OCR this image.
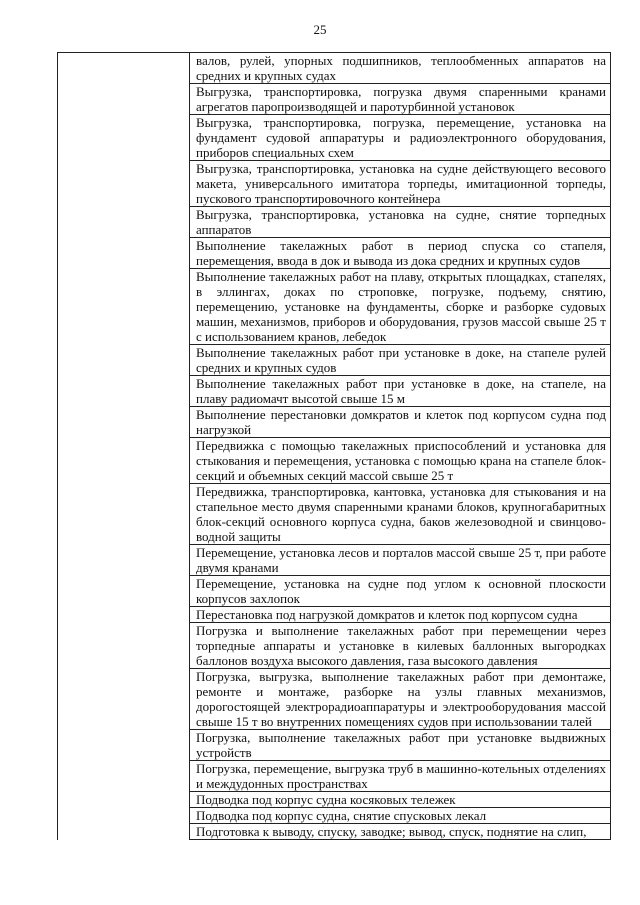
25
	валов, рулей, упорных подшипников, теплообменных аппаратов на средних и крупных судах
Выгрузка, транспортировка, погрузка двумя спаренными кранами агрегатов паропроизводящей и паротурбинной установок
Выгрузка, транспортировка, погрузка, перемещение, установка на фундамент судовой аппаратуры и радиоэлектронного оборудования, приборов специальных схем
Выгрузка, транспортировка, установка на судне действующего весового макета, универсального имитатора торпеды, имитационной торпеды, пускового транспортировочного контейнера
Выгрузка, транспортировка, установка на судне, снятие торпедных аппаратов
Выполнение такелажных работ в период спуска со стапеля, перемещения, ввода в док и вывода из дока средних и крупных судов
Выполнение такелажных работ на плаву, открытых площадках, стапелях, в эллингах, доках по строповке, погрузке, подъему, снятию, перемещению, установке на фундаменты, сборке и разборке судовых машин, механизмов, приборов и оборудования, грузов массой свыше 25 т с использованием кранов, лебедок
Выполнение такелажных работ при установке в доке, на стапеле рулей средних и крупных судов
Выполнение такелажных работ при установке в доке, на стапеле, на плаву радиомачт высотой свыше 15 м
Выполнение перестановки домкратов и клеток под корпусом судна под нагрузкой
Передвижка с помощью такелажных приспособлений и установка для стыкования и перемещения, установка с помощью крана на стапеле блок-секций и объемных секций массой свыше 25 т
Передвижка, транспортировка, кантовка, установка для стыкования и на стапельное место двумя спаренными кранами блоков, крупногабаритных блок-секций основного корпуса судна, баков железоводной и свинцово-водной защиты
Перемещение, установка лесов и порталов массой свыше 25 т, при работе двумя кранами
Перемещение, установка на судне под углом к основной плоскости корпусов захлопок
Перестановка под нагрузкой домкратов и клеток под корпусом судна
Погрузка и выполнение такелажных работ при перемещении через торпедные аппараты и установке в килевых баллонных выгородках баллонов воздуха высокого давления, газа высокого давления
Погрузка, выгрузка, выполнение такелажных работ при демонтаже, ремонте и монтаже, разборке на узлы главных механизмов, дорогостоящей электрорадиоаппаратуры и электрооборудования массой свыше 15 т во внутренних помещениях судов при использовании талей
Погрузка, выполнение такелажных работ при установке выдвижных устройств
Погрузка, перемещение, выгрузка труб в машинно-котельных отделениях и междудонных пространствах
Подводка под корпус судна косяковых тележек
Подводка под корпус судна, снятие спусковых лекал
Подготовка к выводу, спуску, заводке; вывод, спуск, поднятие на слип,
